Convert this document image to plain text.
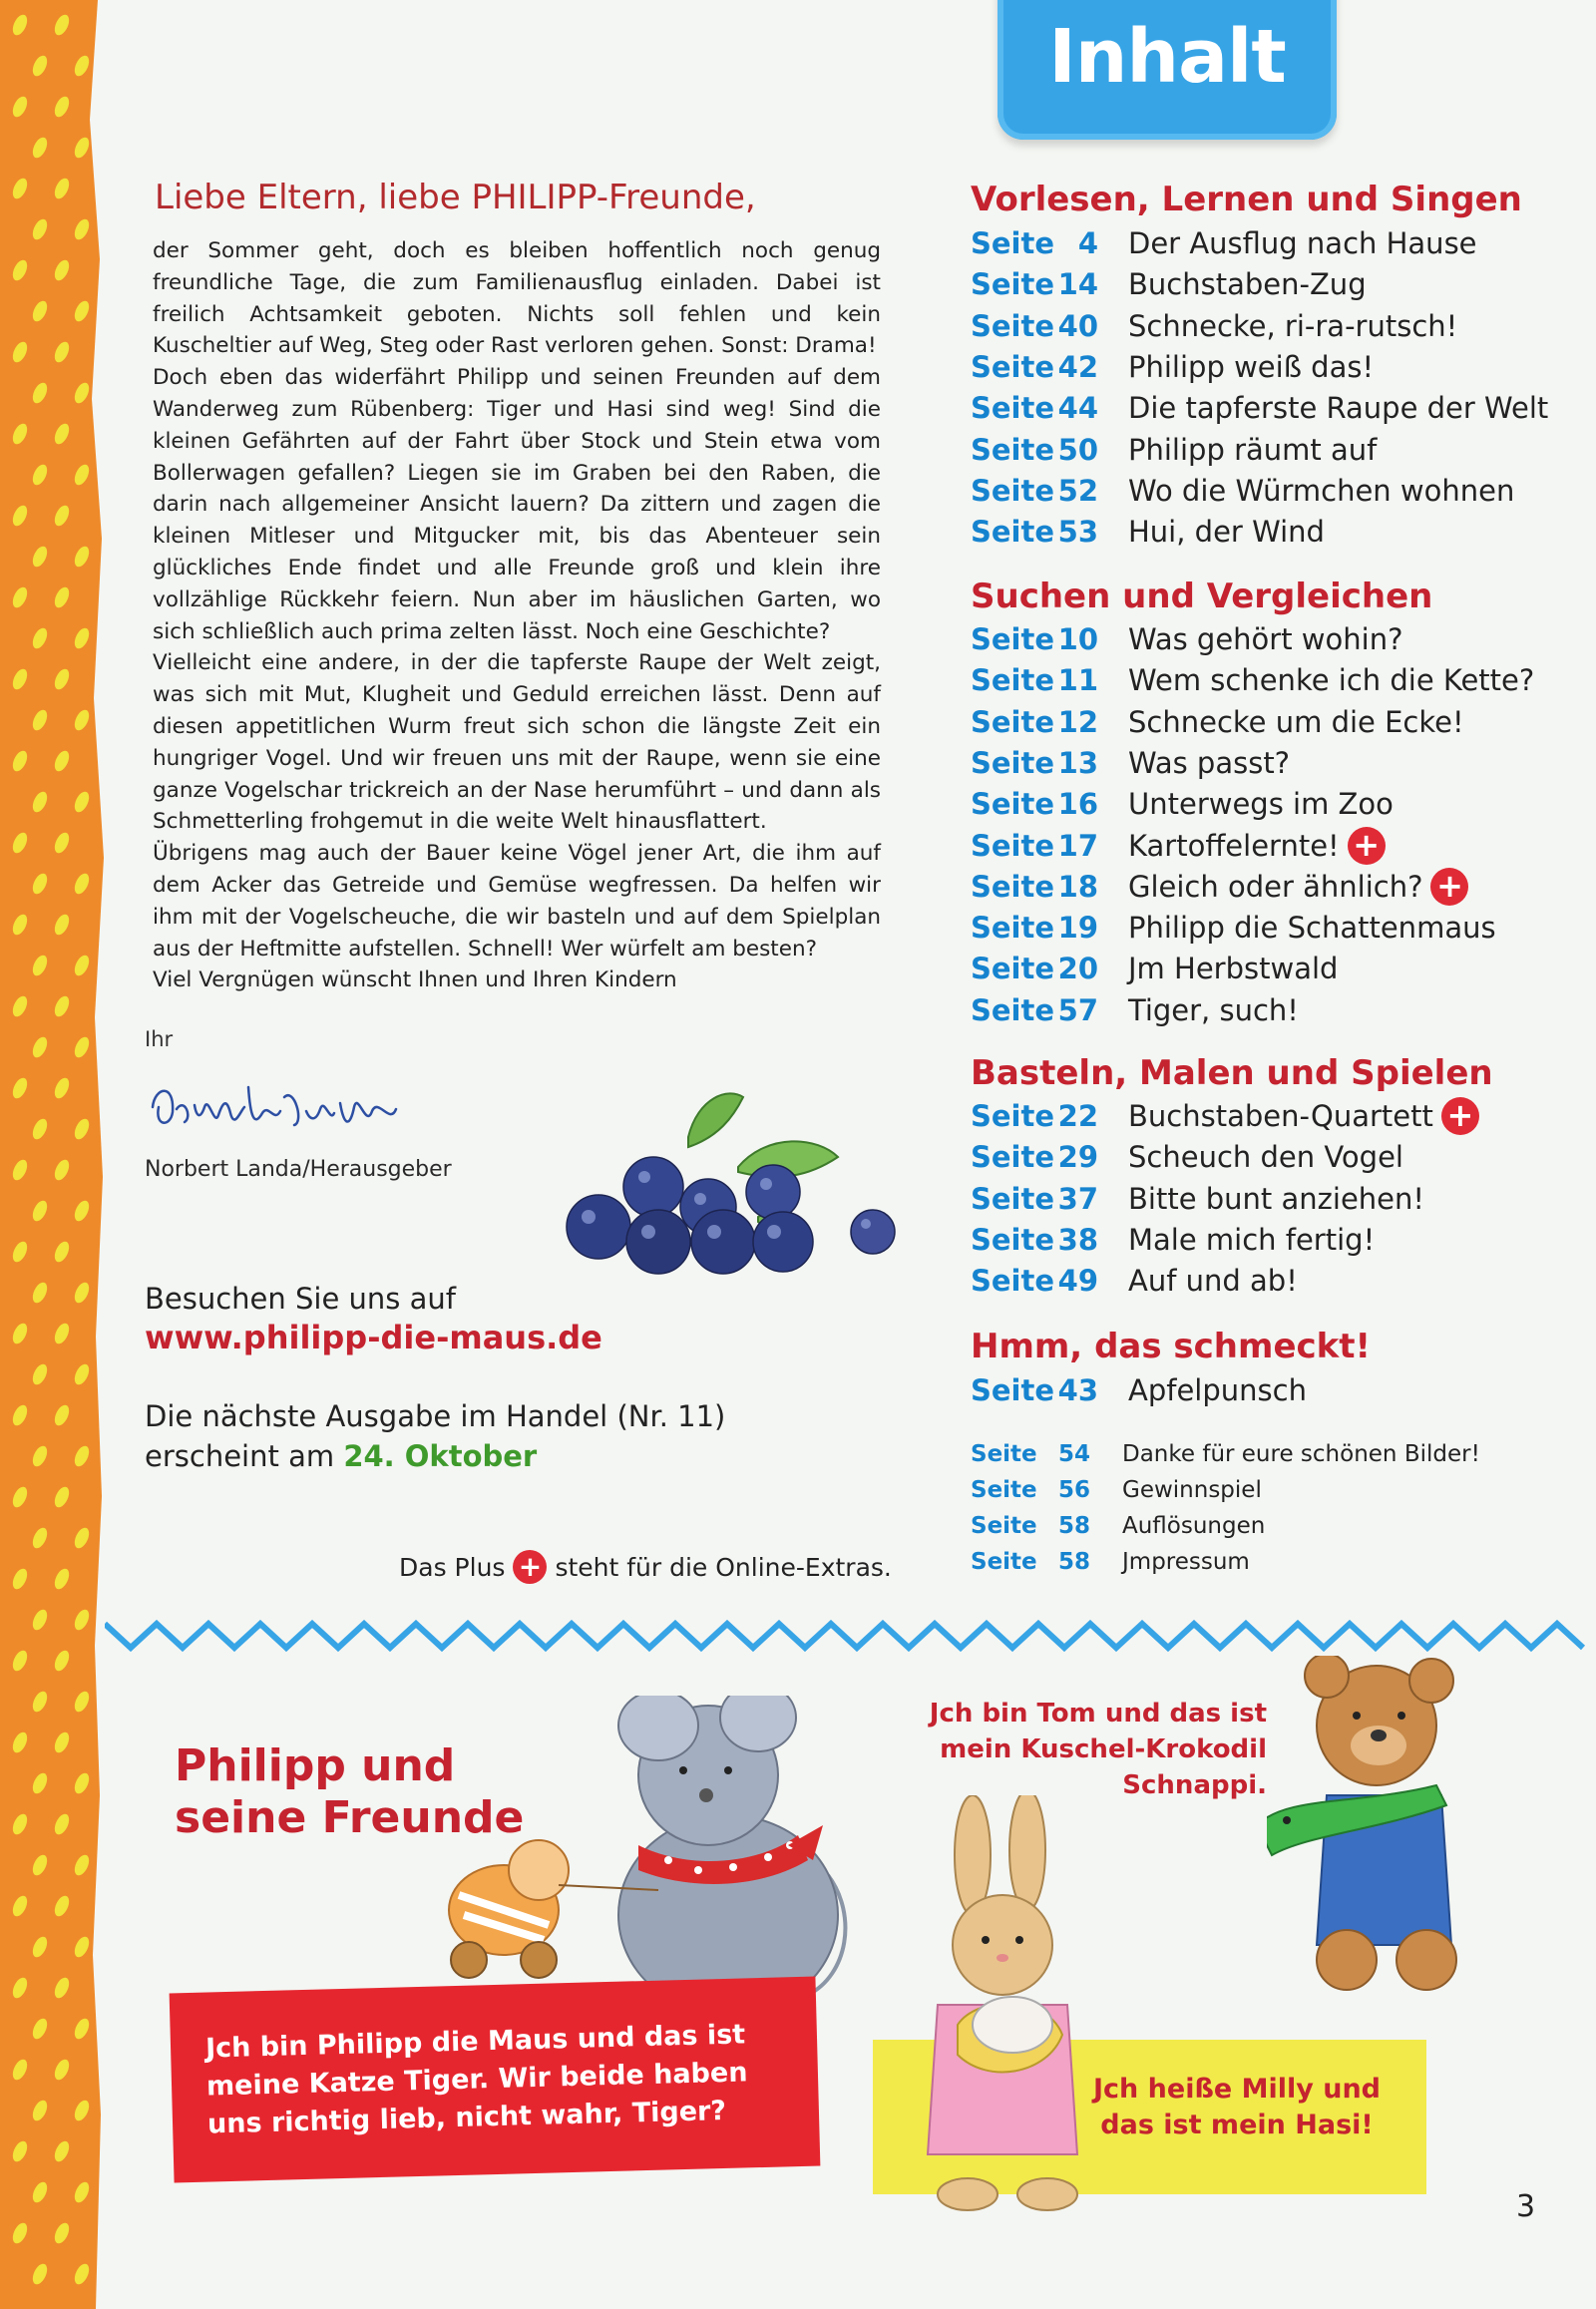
Inhalt
Liebe Eltern, liebe PHILIPP-Freunde,

der Sommer geht, doch es bleiben hoffentlich noch genug freundliche Tage, die zum Familienausflug einladen. Dabei ist freilich Achtsamkeit geboten. Nichts soll fehlen und kein Kuscheltier auf Weg, Steg oder Rast verloren gehen. Sonst: Drama!

Doch eben das widerfährt Philipp und seinen Freunden auf dem Wanderweg zum Rübenberg: Tiger und Hasi sind weg! Sind die kleinen Gefährten auf der Fahrt über Stock und Stein etwa vom Bollerwagen gefallen? Liegen sie im Graben bei den Raben, die darin nach allgemeiner Ansicht lauern? Da zittern und zagen die kleinen Mitleser und Mitgucker mit, bis das Abenteuer sein glückliches Ende findet und alle Freunde groß und klein ihre vollzählige Rückkehr feiern. Nun aber im häuslichen Garten, wo sich schließlich auch prima zelten lässt. Noch eine Geschichte?

Vielleicht eine andere, in der die tapferste Raupe der Welt zeigt, was sich mit Mut, Klugheit und Geduld erreichen lässt. Denn auf diesen appetitlichen Wurm freut sich schon die längste Zeit ein hungriger Vogel. Und wir freuen uns mit der Raupe, wenn sie eine ganze Vogelschar trickreich an der Nase herumführt – und dann als Schmetterling frohgemut in die weite Welt hinausflattert.

Übrigens mag auch der Bauer keine Vögel jener Art, die ihm auf dem Acker das Getreide und Gemüse wegfressen. Da helfen wir ihm mit der Vogelscheuche, die wir basteln und auf dem Spielplan aus der Heftmitte aufstellen. Schnell! Wer würfelt am besten?

Viel Vergnügen wünscht Ihnen und Ihren Kindern

Ihr
Norbert Landa/Herausgeber
Besuchen Sie uns auf
www.philipp-die-maus.de
Die nächste Ausgabe im Handel (Nr. 11)
erscheint am 24. Oktober
Das Plus + steht für die Online-Extras.
Vorlesen, Lernen und Singen
Seite 4 Der Ausflug nach Hause
Seite 14 Buchstaben-Zug
Seite 40 Schnecke, ri-ra-rutsch!
Seite 42 Philipp weiß das!
Seite 44 Die tapferste Raupe der Welt
Seite 50 Philipp räumt auf
Seite 52 Wo die Würmchen wohnen
Seite 53 Hui, der Wind
Suchen und Vergleichen
Seite 10 Was gehört wohin?
Seite 11 Wem schenke ich die Kette?
Seite 12 Schnecke um die Ecke!
Seite 13 Was passt?
Seite 16 Unterwegs im Zoo
Seite 17 Kartoffelernte! +
Seite 18 Gleich oder ähnlich? +
Seite 19 Philipp die Schattenmaus
Seite 20 Jm Herbstwald
Seite 57 Tiger, such!
Basteln, Malen und Spielen
Seite 22 Buchstaben-Quartett +
Seite 29 Scheuch den Vogel
Seite 37 Bitte bunt anziehen!
Seite 38 Male mich fertig!
Seite 49 Auf und ab!
Hmm, das schmeckt!
Seite 43 Apfelpunsch
Seite 54 Danke für eure schönen Bilder!
Seite 56 Gewinnspiel
Seite 58 Auflösungen
Seite 58 Jmpressum
Philipp und
seine Freunde
Jch bin Philipp die Maus und das ist meine Katze Tiger. Wir beide haben uns richtig lieb, nicht wahr, Tiger?
Jch bin Tom und das ist
mein Kuschel-Krokodil
Schnappi.
Jch heiße Milly und
das ist mein Hasi!
3
